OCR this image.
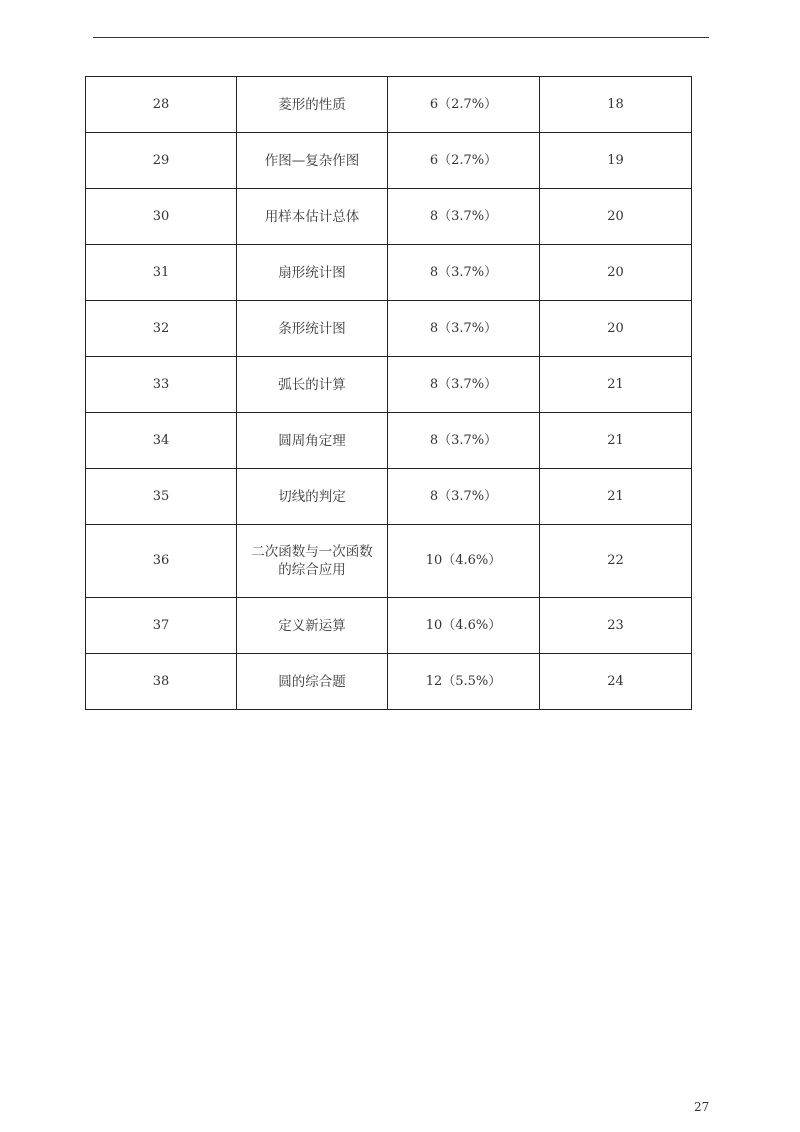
28	菱形的性质	6（2.7%）	18
29	作图—复杂作图	6（2.7%）	19
30	用样本估计总体	8（3.7%）	20
31	扇形统计图	8（3.7%）	20
32	条形统计图	8（3.7%）	20
33	弧长的计算	8（3.7%）	21
34	圆周角定理	8（3.7%）	21
35	切线的判定	8（3.7%）	21
36	二次函数与一次函数的综合应用	10（4.6%）	22
37	定义新运算	10（4.6%）	23
38	圆的综合题	12（5.5%）	24
27
